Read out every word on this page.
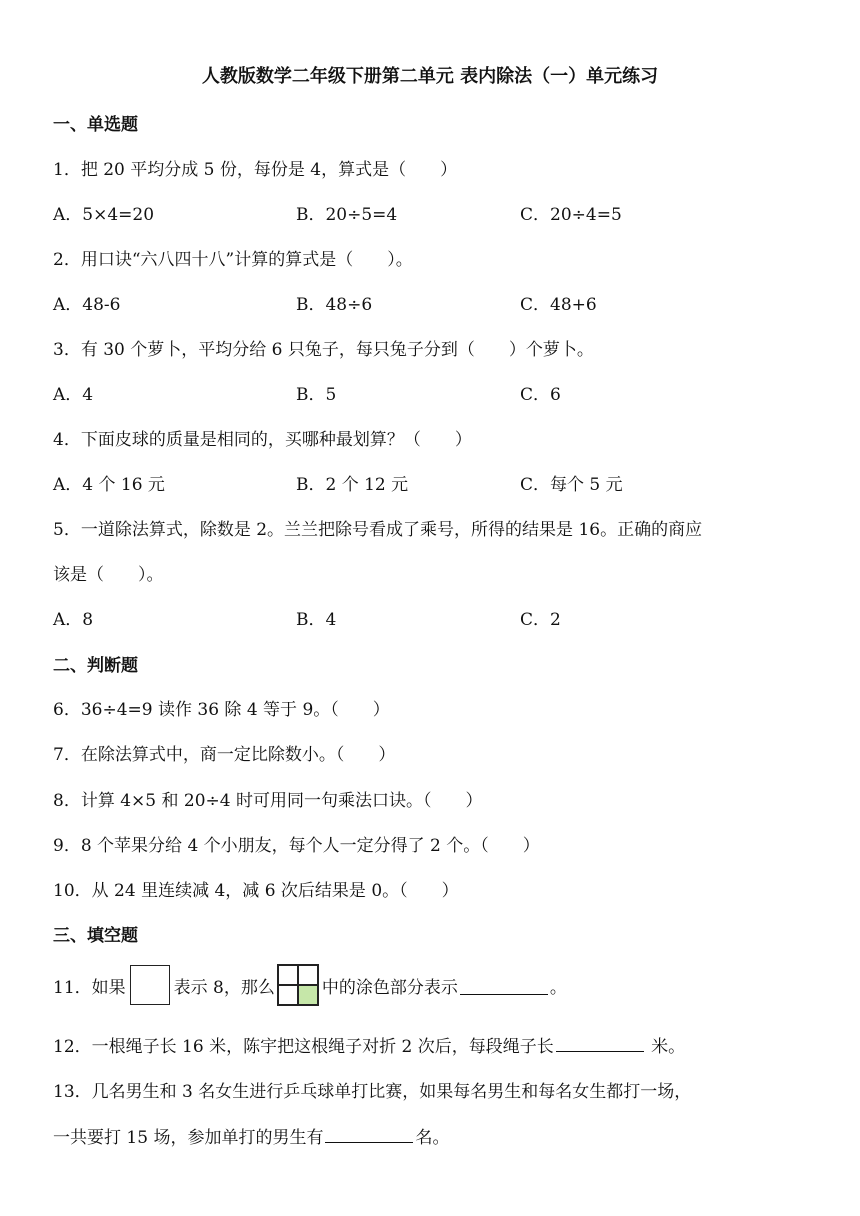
人教版数学二年级下册第二单元 表内除法（一）单元练习
一、单选题
1．把 20 平均分成 5 份，每份是 4，算式是（　　）
A．5×4=20	B．20÷5=4	C．20÷4=5
2．用口诀“六八四十八”计算的算式是（　　）。
A．48-6	B．48÷6	C．48+6
3．有 30 个萝卜，平均分给 6 只兔子，每只兔子分到（　　）个萝卜。
A．4	B．5	C．6
4．下面皮球的质量是相同的，买哪种最划算？（　　）
A．4 个 16 元	B．2 个 12 元	C．每个 5 元
5．一道除法算式，除数是 2。兰兰把除号看成了乘号，所得的结果是 16。正确的商应
该是（　　）。
A．8	B．4	C．2
二、判断题
6．36÷4=9 读作 36 除 4 等于 9。（　　）
7．在除法算式中，商一定比除数小。（　　）
8．计算 4×5 和 20÷4 时可用同一句乘法口诀。（　　）
9．8 个苹果分给 4 个小朋友，每个人一定分得了 2 个。（　　）
10．从 24 里连续减 4，减 6 次后结果是 0。（　　）
三、填空题
11．如果	表示 8，那么	中的涂色部分表示	。
12．一根绳子长 16 米，陈宇把这根绳子对折 2 次后，每段绳子长	米。
13．几名男生和 3 名女生进行乒乓球单打比赛，如果每名男生和每名女生都打一场，
一共要打 15 场，参加单打的男生有	名。
